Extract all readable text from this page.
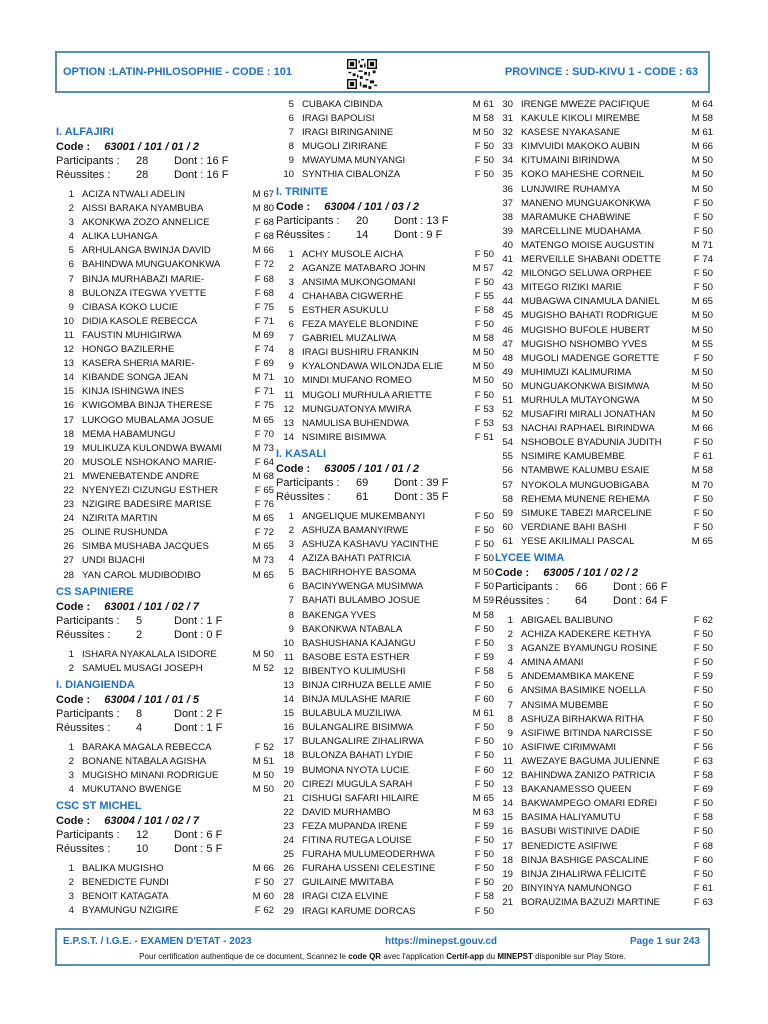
OPTION :LATIN-PHILOSOPHIE - CODE : 101	PROVINCE : SUD-KIVU 1 - CODE : 63
I. ALFAJIRI
Code : 63001 / 101 / 01 / 2
Participants : 28 Dont : 16 F
Réussites : 28 Dont : 16 F
1 ACIZA NTWALI ADELIN	M 67
2 AISSI BARAKA NYAMBUBA	M 80
3 AKONKWA ZOZO ANNELICE	F 68
4 ALIKA LUHANGA	F 68
5 ARHULANGA BWINJA DAVID	M 66
6 BAHINDWA MUNGUAKONKWA	F 72
7 BINJA MURHABAZI MARIE-	F 68
8 BULONZA ITEGWA YVETTE	F 68
9 CIBASA KOKO LUCIE	F 75
10 DIDIA KASOLE REBECCA	F 71
11 FAUSTIN MUHIGIRWA	M 69
12 HONGO BAZILERHE	F 74
13 KASERA SHERIA MARIE-	F 69
14 KIBANDE SONGA JEAN	M 71
15 KINJA ISHINGWA INES	F 71
16 KWIGOMBA BINJA THERESE	F 75
17 LUKOGO MUBALAMA JOSUE	M 65
18 MEMA HABAMUNGU	F 70
19 MULIKUZA KULONDWA BWAMI	M 73
20 MUSOLE NSHOKANO MARIE-	F 64
21 MWENEBATENDE ANDRE	M 68
22 NYENYEZI CIZUNGU ESTHER	F 65
23 NZIGIRE BADESIRE MARISE	F 76
24 NZIRITA MARTIN	M 65
25 OLINE RUSHUNDA	F 72
26 SIMBA MUSHABA JACQUES	M 65
27 UNDI BIJACHI	M 73
28 YAN CAROL MUDIBODIBO	M 65
CS SAPINIERE
Code : 63001 / 101 / 02 / 7
Participants : 5	Dont : 1 F
Réussites : 2	Dont : 0 F
1 ISHARA NYAKALALA ISIDORE	M 50
2 SAMUEL MUSAGI JOSEPH	M 52
I. DIANGIENDA
Code : 63004 / 101 / 01 / 5
Participants : 8	Dont : 2 F
Réussites : 4	Dont : 1 F
1 BARAKA MAGALA REBECCA	F 52
2 BONANE NTABALA AGISHA	M 51
3 MUGISHO MINANI RODRIGUE	M 50
4 MUKUTANO BWENGE	M 50
CSC ST MICHEL
Code : 63004 / 101 / 02 / 7
Participants : 12 Dont : 6 F
Réussites : 10 Dont : 5 F
1 BALIKA MUGISHO	M 66
2 BENEDICTE FUNDI	F 50
3 BENOIT KATAGATA	M 60
4 BYAMUNGU NZIGIRE	F 62
5 CUBAKA CIBINDA	M 61
6 IRAGI BAPOLISI	M 58
7 IRAGI BIRINGANINE	M 50
8 MUGOLI ZIRIRANE	F 50
9 MWAYUMA MUNYANGI	F 50
10 SYNTHIA CIBALONZA	F 50
I. TRINITE
Code : 63004 / 101 / 03 / 2
Participants : 20 Dont : 13 F
Réussites : 14 Dont : 9 F
1 ACHY MUSOLE AICHA	F 50
2 AGANZE MATABARO JOHN	M 57
3 ANSIMA MUKONGOMANI	F 50
4 CHAHABA CIGWERHE	F 55
5 ESTHER ASUKULU	F 58
6 FEZA MAYELE BLONDINE	F 50
7 GABRIEL MUZALIWA	M 58
8 IRAGI BUSHIRU FRANKIN	M 50
9 KYALONDAWA WILONJDA ELIE	M 50
10 MINDI MUFANO ROMEO	M 50
11 MUGOLI MURHULA ARIETTE	F 50
12 MUNGUATONYA MWIRA	F 53
13 NAMULISA BUHENDWA	F 53
14 NSIMIRE BISIMWA	F 51
I. KASALI
Code : 63005 / 101 / 01 / 2
Participants : 69 Dont : 39 F
Réussites : 61 Dont : 35 F
1 ANGELIQUE MUKEMBANYI	F 50
2 ASHUZA BAMANYIRWE	F 50
3 ASHUZA KASHAVU YACINTHE	F 50
4 AZIZA BAHATI PATRICIA	F 50
5 BACHIRHOHYE BASOMA	M 50
6 BACINYWENGA MUSIMWA	F 50
7 BAHATI BULAMBO JOSUE	M 59
8 BAKENGA YVES	M 58
9 BAKONKWA NTABALA	F 50
10 BASHUSHANA KAJANGU	F 50
11 BASOBE ESTA ESTHER	F 59
12 BIBENTYO KULIMUSHI	F 58
13 BINJA CIRHUZA BELLE AMIE	F 50
14 BINJA MULASHE MARIE	F 60
15 BULABULA MUZILIWA	M 61
16 BULANGALIRE BISIMWA	F 50
17 BULANGALIRE ZIHALIRWA	F 50
18 BULONZA BAHATI LYDIE	F 50
19 BUMONA NYOTA LUCIE	F 60
20 CIREZI MUGULA SARAH	F 50
21 CISHUGI SAFARI HILAIRE	M 65
22 DAVID MURHAMBO	M 63
23 FEZA MUPANDA IRENE	F 59
24 FITINA RUTEGA LOUISE	F 50
25 FURAHA MULUMEODERHWA	F 50
26 FURAHA USSENI CELESTINE	F 50
27 GUILAINE MWITABA	F 50
28 IRAGI CIZA ELVINE	F 58
29 IRAGI KARUME DORCAS	F 50
30 IRENGE MWEZE PACIFIQUE	M 64
31 KAKULE KIKOLI MIREMBE	M 58
32 KASESE NYAKASANE	M 61
33 KIMVUIDI MAKOKO AUBIN	M 66
34 KITUMAINI BIRINDWA	M 50
35 KOKO MAHESHE CORNEIL	M 50
36 LUNJWIRE RUHAMYA	M 50
37 MANENO MUNGUAKONKWA	F 50
38 MARAMUKE CHABWINE	F 50
39 MARCELLINE MUDAHAMA	F 50
40 MATENGO MOISE AUGUSTIN	M 71
41 MERVEILLE SHABANI ODETTE	F 74
42 MILONGO SELUWA ORPHEE	F 50
43 MITEGO RIZIKI MARIE	F 50
44 MUBAGWA CINAMULA DANIEL	M 65
45 MUGISHO BAHATI RODRIGUE	M 50
46 MUGISHO BUFOLE HUBERT	M 50
47 MUGISHO NSHOMBO YVES	M 55
48 MUGOLI MADENGE GORETTE	F 50
49 MUHIMUZI KALIMURIMA	M 50
50 MUNGUAKONKWA BISIMWA	M 50
51 MURHULA MUTAYONGWA	M 50
52 MUSAFIRI MIRALI JONATHAN	M 50
53 NACHAI RAPHAEL BIRINDWA	M 66
54 NSHOBOLE BYADUNIA JUDITH	F 50
55 NSIMIRE KAMUBEMBE	F 61
56 NTAMBWE KALUMBU ESAIE	M 58
57 NYOKOLA MUNGUOBIGABA	M 70
58 REHEMA MUNENE REHEMA	F 50
59 SIMUKE TABEZI MARCELINE	F 50
60 VERDIANE BAHI BASHI	F 50
61 YESE AKILIMALI PASCAL	M 65
LYCEE WIMA
Code : 63005 / 101 / 02 / 2
Participants : 66 Dont : 66 F
Réussites : 64 Dont : 64 F
1 ABIGAEL BALIBUNO	F 62
2 ACHIZA KADEKERE KETHYA	F 50
3 AGANZE BYAMUNGU ROSINE	F 50
4 AMINA AMANI	F 50
5 ANDEMAMBIKA MAKENE	F 59
6 ANSIMA BASIMIKE NOELLA	F 50
7 ANSIMA MUBEMBE	F 50
8 ASHUZA BIRHAKWA RITHA	F 50
9 ASIFIWE BITINDA NARCISSE	F 50
10 ASIFIWE CIRIMWAMI	F 56
11 AWEZAYE BAGUMA JULIENNE	F 63
12 BAHINDWA ZANIZO PATRICIA	F 58
13 BAKANAMESSO QUEEN	F 69
14 BAKWAMPEGO OMARI EDREI	F 50
15 BASIMA HALIYAMUTU	F 58
16 BASUBI WISTINIVE DADIE	F 50
17 BENEDICTE ASIFIWE	F 68
18 BINJA BASHIGE PASCALINE	F 60
19 BINJA ZIHALIRWA FÉLICITÉ	F 50
20 BINYINYA NAMUNONGO	F 61
21 BORAUZIMA BAZUZI MARTINE	F 63
E.P.S.T. / I.G.E. - EXAMEN D'ETAT - 2023	https://minepst.gouv.cd	Page 1 sur 243
Pour certification authentique de ce document, Scannez le code QR avec l'application Certif-app du MINEPST disponible sur Play Store.
